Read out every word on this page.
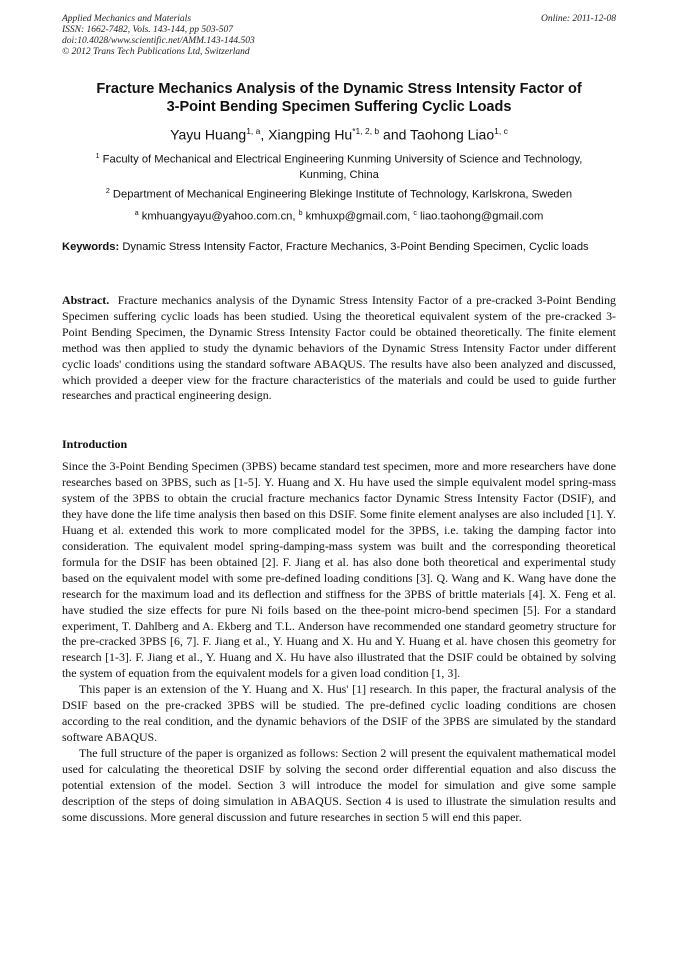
Applied Mechanics and Materials
ISSN: 1662-7482, Vols. 143-144, pp 503-507
doi:10.4028/www.scientific.net/AMM.143-144.503
© 2012 Trans Tech Publications Ltd, Switzerland
Online: 2011-12-08
Fracture Mechanics Analysis of the Dynamic Stress Intensity Factor of
3-Point Bending Specimen Suffering Cyclic Loads
Yayu Huang$^{1, a}$, Xiangping Hu$^{*1, 2, b}$ and Taohong Liao$^{1, c}$
$^1$ Faculty of Mechanical and Electrical Engineering Kunming University of Science and Technology,
Kunming, China
$^2$ Department of Mechanical Engineering Blekinge Institute of Technology, Karlskrona, Sweden
$^a$ kmhuangyayu@yahoo.com.cn, $^b$ kmhuxp@gmail.com, $^c$ liao.taohong@gmail.com
Keywords: Dynamic Stress Intensity Factor, Fracture Mechanics, 3-Point Bending Specimen, Cyclic loads
Abstract. Fracture mechanics analysis of the Dynamic Stress Intensity Factor of a pre-cracked 3-Point Bending Specimen suffering cyclic loads has been studied. Using the theoretical equivalent system of the pre-cracked 3-Point Bending Specimen, the Dynamic Stress Intensity Factor could be obtained theoretically. The finite element method was then applied to study the dynamic behaviors of the Dynamic Stress Intensity Factor under different cyclic loads' conditions using the standard software ABAQUS. The results have also been analyzed and discussed, which provided a deeper view for the fracture characteristics of the materials and could be used to guide further researches and practical engineering design.
Introduction

Since the 3-Point Bending Specimen (3PBS) became standard test specimen, more and more researchers have done researches based on 3PBS, such as [1-5]. Y. Huang and X. Hu have used the simple equivalent model spring-mass system of the 3PBS to obtain the crucial fracture mechanics factor Dynamic Stress Intensity Factor (DSIF), and they have done the life time analysis then based on this DSIF. Some finite element analyses are also included [1]. Y. Huang et al. extended this work to more complicated model for the 3PBS, i.e. taking the damping factor into consideration. The equivalent model spring-damping-mass system was built and the corresponding theoretical formula for the DSIF has been obtained [2]. F. Jiang et al. has also done both theoretical and experimental study based on the equivalent model with some pre-defined loading conditions [3]. Q. Wang and K. Wang have done the research for the maximum load and its deflection and stiffness for the 3PBS of brittle materials [4]. X. Feng et al. have studied the size effects for pure Ni foils based on the thee-point micro-bend specimen [5]. For a standard experiment, T. Dahlberg and A. Ekberg and T.L. Anderson have recommended one standard geometry structure for the pre-cracked 3PBS [6, 7]. F. Jiang et al., Y. Huang and X. Hu and Y. Huang et al. have chosen this geometry for research [1-3]. F. Jiang et al., Y. Huang and X. Hu have also illustrated that the DSIF could be obtained by solving the system of equation from the equivalent models for a given load condition [1, 3].

This paper is an extension of the Y. Huang and X. Hus' [1] research. In this paper, the fractural analysis of the DSIF based on the pre-cracked 3PBS will be studied. The pre-defined cyclic loading conditions are chosen according to the real condition, and the dynamic behaviors of the DSIF of the 3PBS are simulated by the standard software ABAQUS.

The full structure of the paper is organized as follows: Section 2 will present the equivalent mathematical model used for calculating the theoretical DSIF by solving the second order differential equation and also discuss the potential extension of the model. Section 3 will introduce the model for simulation and give some sample description of the steps of doing simulation in ABAQUS. Section 4 is used to illustrate the simulation results and some discussions. More general discussion and future researches in section 5 will end this paper.
